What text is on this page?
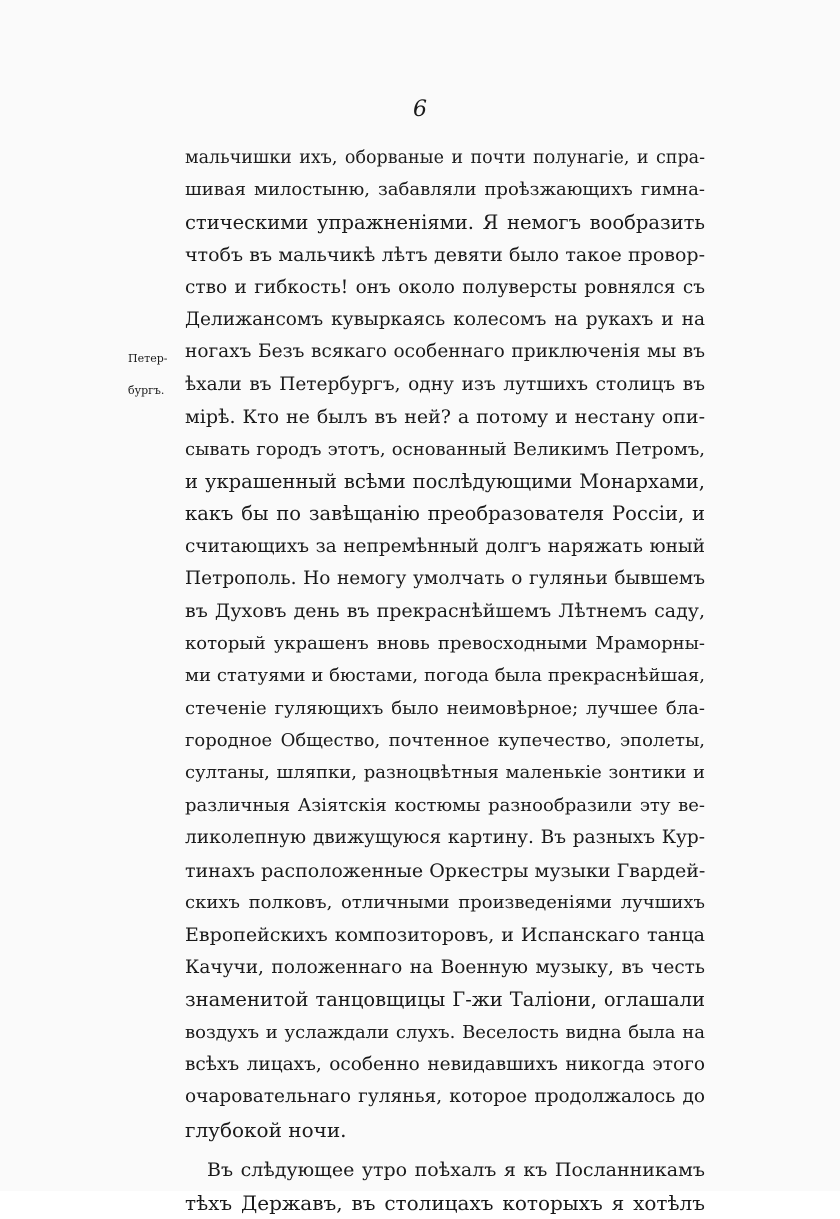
6
Петер-
бургъ.
мальчишки ихъ, оборваные и почти полунагіе, и спра-
шивая милостыню, забавляли проѣзжающихъ гимна-
стическими упражненіями. Я немогъ вообразить
чтобъ въ мальчикѣ лѣтъ девяти было такое провор-
ство и гибкость! онъ около полуверсты ровнялся съ
Делижансомъ кувыркаясь колесомъ на рукахъ и на
ногахъ Безъ всякаго особеннаго приключенія мы въ
ѣхали въ Петербургъ, одну изъ лутшихъ столицъ въ
мірѣ. Кто не былъ въ ней? а потому и нестану опи-
сывать городъ этотъ, основанный Великимъ Петромъ,
и украшенный всѣми послѣдующими Монархами,
какъ бы по завѣщанію преобразователя Россіи, и
считающихъ за непремѣнный долгъ наряжать юный
Петрополь. Но немогу умолчать о гуляньи бывшемъ
въ Духовъ день въ прекраснѣйшемъ Лѣтнемъ саду,
который украшенъ вновь превосходными Мраморны-
ми статуями и бюстами, погода была прекраснѣйшая,
стеченіе гуляющихъ было неимовѣрное; лучшее бла-
городное Общество, почтенное купечество, эполеты,
султаны, шляпки, разноцвѣтныя маленькіе зонтики и
различныя Азіятскія костюмы разнообразили эту ве-
ликолепную движущуюся картину. Въ разныхъ Кур-
тинахъ расположенные Оркестры музыки Гвардей-
скихъ полковъ, отличными произведеніями лучшихъ
Европейскихъ композиторовъ, и Испанскаго танца
Качучи, положеннаго на Военную музыку, въ честь
знаменитой танцовщицы Г-жи Таліони, оглашали
воздухъ и услаждали слухъ. Веселость видна была на
всѣхъ лицахъ, особенно невидавшихъ никогда этого
очаровательнаго гулянья, которое продолжалось до
глубокой ночи.
Въ слѣдующее утро поѣхалъ я къ Посланникамъ
тѣхъ Державъ, въ столицахъ которыхъ я хотѣлъ
